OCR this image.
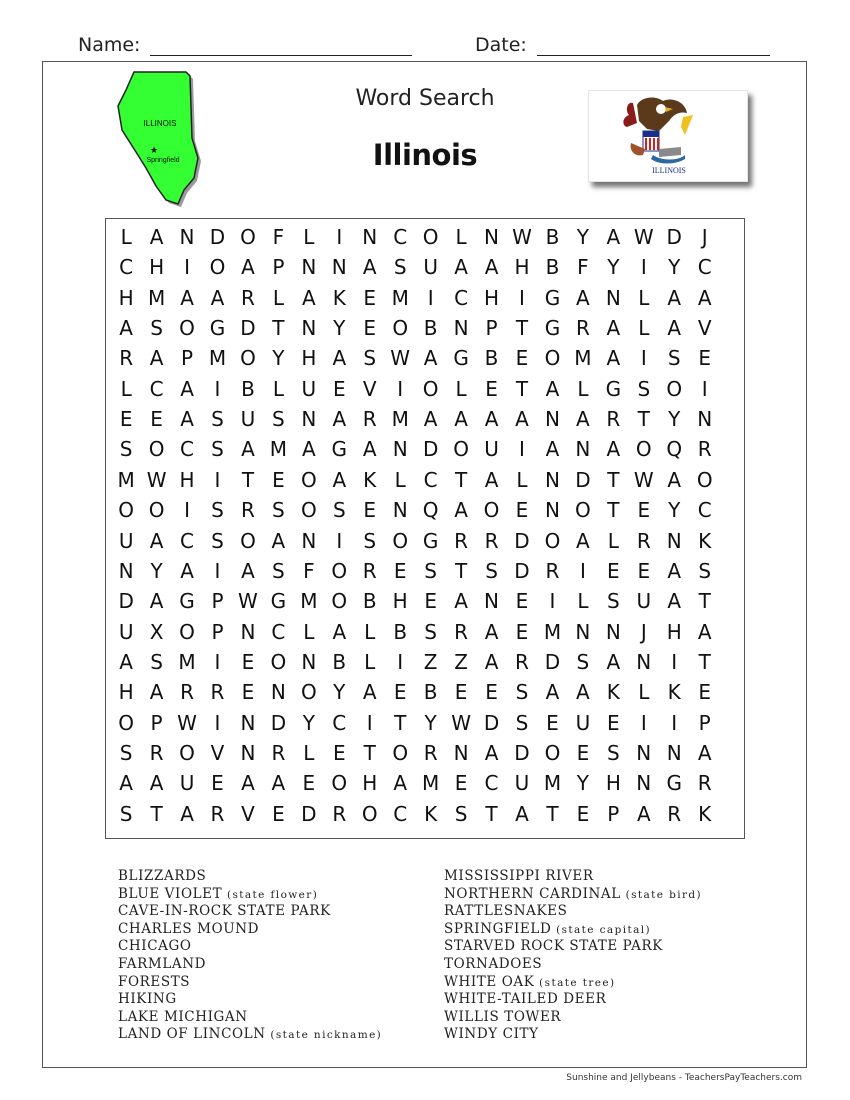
Name:	Date:
ILLINOIS
★
Springfield
Word Search
Illinois	ILLINOIS
L A N D O F L	I	N C O L N W B Y A W D J
C H I O A P N N A S U A A H B F Y	I	Y C
H M A A R L A K E M I	C H I G A N L A A
A S O G D T N Y E O B N P T G R A L A V
R A P M O Y H A S W A G B E O M A	I	S E
L C A	I	B L U E V	I O L E T A L G S O I
E E A S U S N A R M A A A A N A R T Y N
S O C S A M A G A N D O U	I	A N A O Q R
M W H I	T E O A K L C T A L N D T W A O
O O I	S R S O S E N Q A O E N O T E Y C
U A C S O A N	I	S O G R R D O A L R N K
N Y A	I	A S F O R E S T S D R	I	E E A S
D A G P W G M O B H E A N E	I	L S U A T
U X O P N C L A L B S R A E M N N	J H A
A S M I	E O N B L	I	Z Z A R D S A N	I	T
H A R R E N O Y A E B E E S A A K L K E
O P W I	N D Y C	I	T Y W D S E U E	I	I	P
S R O V N R L E T O R N A D O E S N N A
A A U E A A E O H A M E C U M Y H N G R
S T A R V E D R O C K S T A T E P A R K
BLIZZARDS
BLUE VIOLET (state flower)
CAVE-IN-ROCK STATE PARK
CHARLES MOUND
CHICAGO
FARMLAND
FORESTS
HIKING
LAKE MICHIGAN
LAND OF LINCOLN (state nickname)
MISSISSIPPI RIVER
NORTHERN CARDINAL (state bird)
RATTLESNAKES
SPRINGFIELD (state capital)
STARVED ROCK STATE PARK
TORNADOES
WHITE OAK (state tree)
WHITE-TAILED DEER
WILLIS TOWER
WINDY CITY
Sunshine and Jellybeans - TeachersPayTeachers.com
